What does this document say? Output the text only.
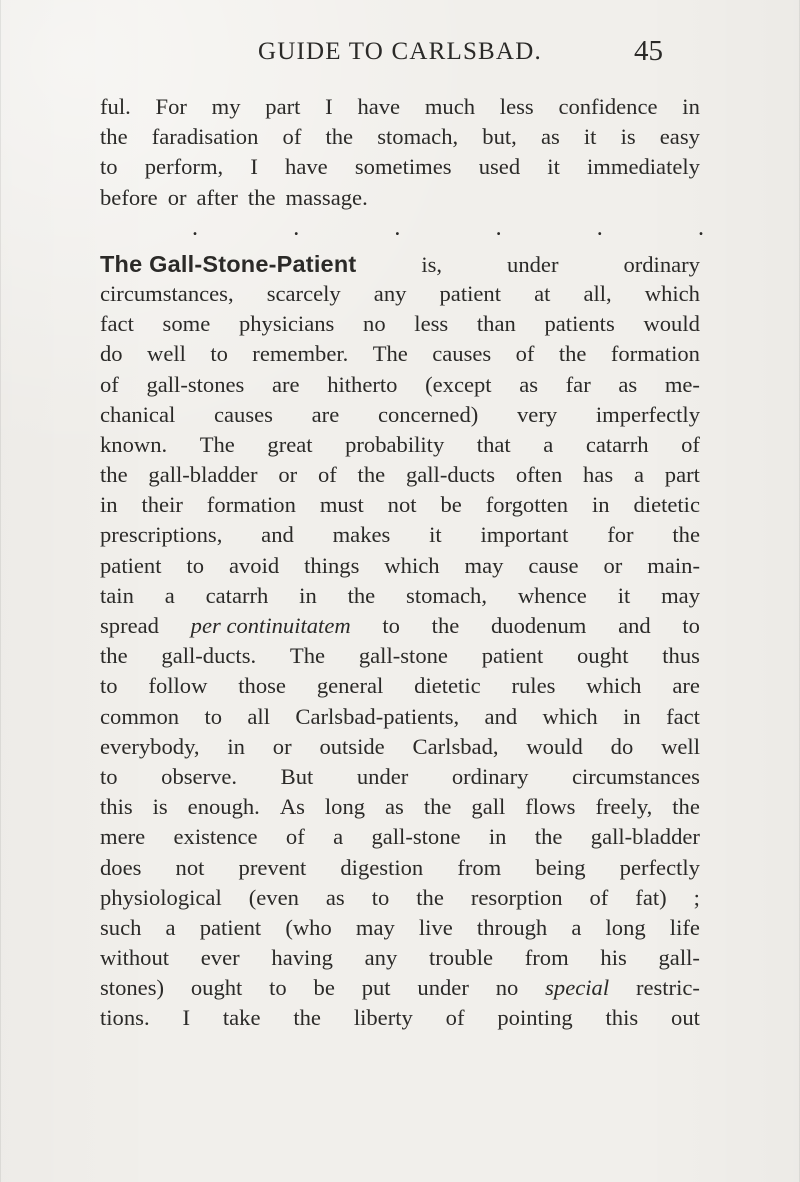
GUIDE TO CARLSBAD.	45
ful. For my part I have much less confidence in
the faradisation of the stomach, but, as it is easy
to perform, I have sometimes used it immediately
before or after the massage.
.	.	.	.	.	.
The Gall-Stone-Patient	is,	under	ordinary
circumstances, scarcely any patient at all, which
fact some physicians no less than patients would
do well to remember. The causes of the formation
of gall-stones are hitherto (except as far as me-
chanical causes are concerned) very imperfectly
known. The great probability that a catarrh of
the gall-bladder or of the gall-ducts often has a part
in their formation must not be forgotten in dietetic
prescriptions, and makes it important for the
patient to avoid things which may cause or main-
tain a catarrh in the stomach, whence it may
spread per continuitatem to the duodenum and to
the gall-ducts. The gall-stone patient ought thus
to follow those general dietetic rules which are
common to all Carlsbad-patients, and which in fact
everybody, in or outside Carlsbad, would do well
to observe. But under ordinary circumstances
this is enough. As long as the gall flows freely, the
mere existence of a gall-stone in the gall-bladder
does not prevent digestion from being perfectly
physiological (even as to the resorption of fat) ;
such a patient (who may live through a long life
without ever having any trouble from his gall-
stones) ought to be put under no special restric-
tions. I take the liberty of pointing this out
